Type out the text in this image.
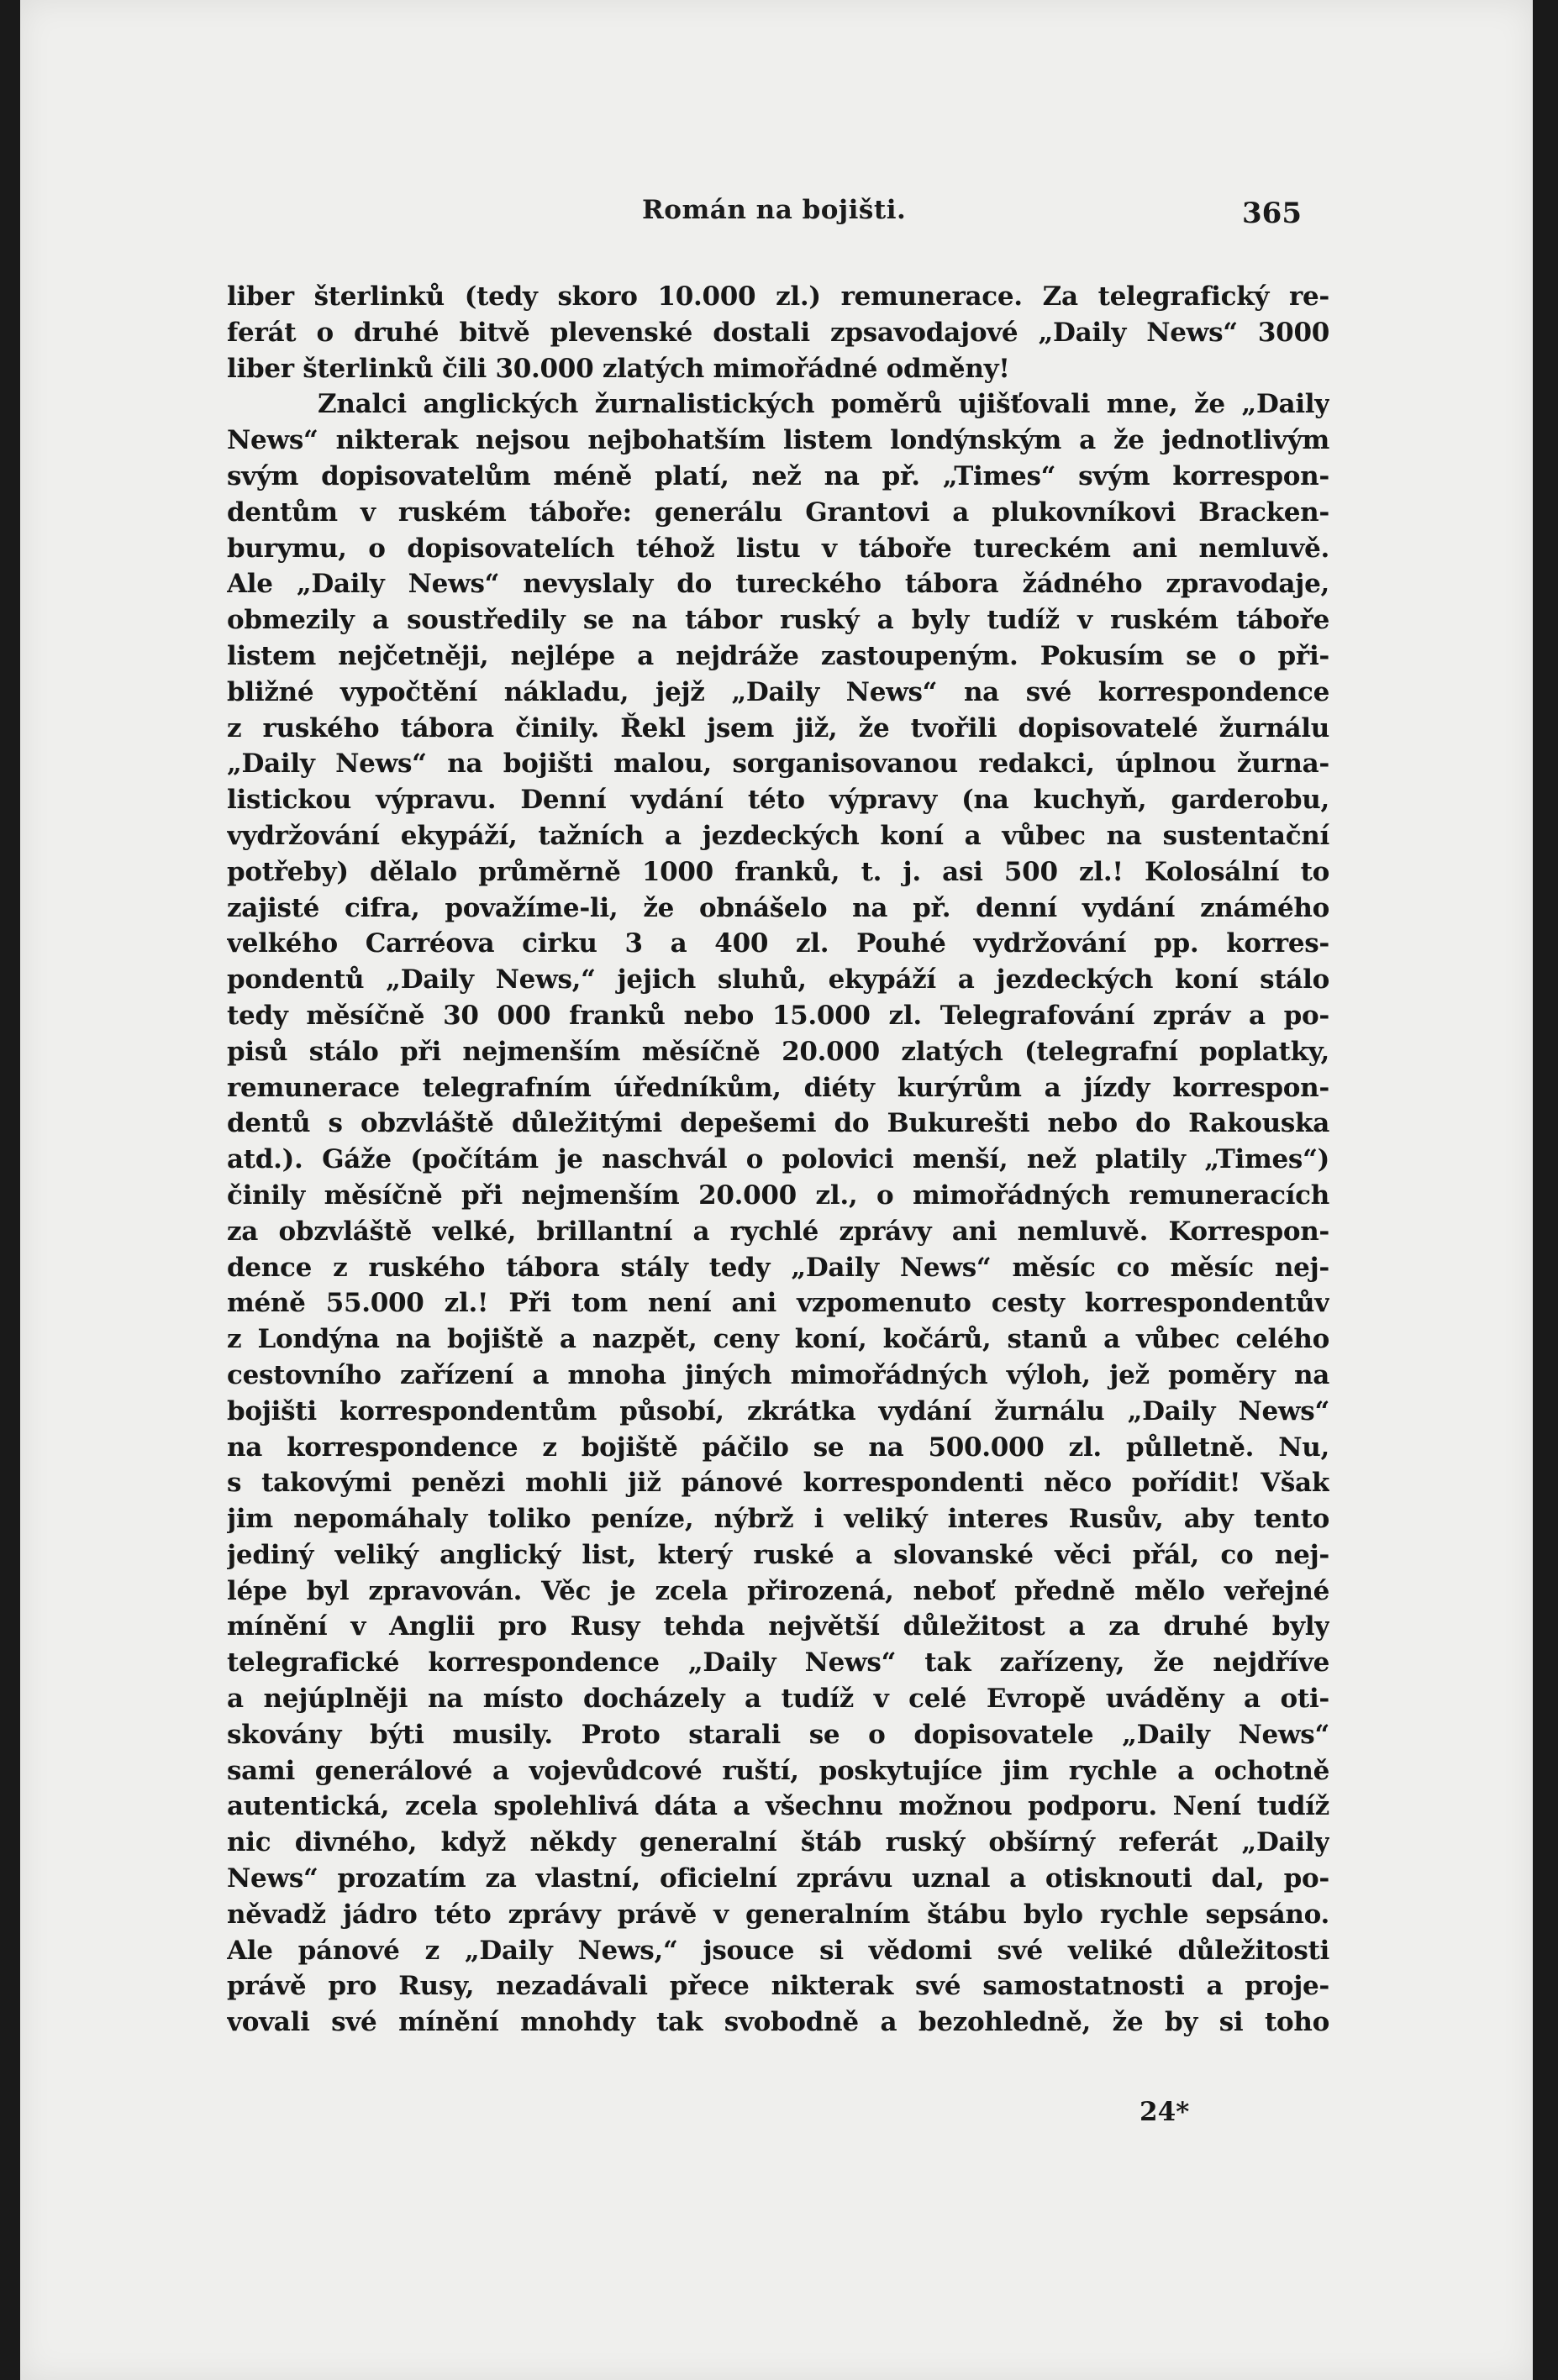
Román na bojišti.	365
liber šterlinků (tedy skoro 10.000 zl.) remunerace. Za telegrafický re-
ferát o druhé bitvě plevenské dostali zpsavodajové „Daily News“ 3000
liber šterlinků čili 30.000 zlatých mimořádné odměny!
Znalci anglických žurnalistických poměrů ujišťovali mne, že „Daily
News“ nikterak nejsou nejbohatším listem londýnským a že jednotlivým
svým dopisovatelům méně platí, než na př. „Times“ svým korrespon-
dentům v ruském táboře: generálu Grantovi a plukovníkovi Bracken-
burymu, o dopisovatelích téhož listu v táboře tureckém ani nemluvě.
Ale „Daily News“ nevyslaly do tureckého tábora žádného zpravodaje,
obmezily a soustředily se na tábor ruský a byly tudíž v ruském táboře
listem nejčetněji, nejlépe a nejdráže zastoupeným. Pokusím se o při-
bližné vypočtění nákladu, jejž „Daily News“ na své korrespondence
z ruského tábora činily. Řekl jsem již, že tvořili dopisovatelé žurnálu
„Daily News“ na bojišti malou, sorganisovanou redakci, úplnou žurna-
listickou výpravu. Denní vydání této výpravy (na kuchyň, garderobu,
vydržování ekypáží, tažních a jezdeckých koní a vůbec na sustentační
potřeby) dělalo průměrně 1000 franků, t. j. asi 500 zl.! Kolosální to
zajisté cifra, považíme-li, že obnášelo na př. denní vydání známého
velkého Carréova cirku 3 a 400 zl. Pouhé vydržování pp. korres-
pondentů „Daily News,“ jejich sluhů, ekypáží a jezdeckých koní stálo
tedy měsíčně 30 000 franků nebo 15.000 zl. Telegrafování zpráv a po-
pisů stálo při nejmenším měsíčně 20.000 zlatých (telegrafní poplatky,
remunerace telegrafním úředníkům, diéty kurýrům a jízdy korrespon-
dentů s obzvláště důležitými depešemi do Bukurešti nebo do Rakouska
atd.). Gáže (počítám je naschvál o polovici menší, než platily „Times“)
činily měsíčně při nejmenším 20.000 zl., o mimořádných remuneracích
za obzvláště velké, brillantní a rychlé zprávy ani nemluvě. Korrespon-
dence z ruského tábora stály tedy „Daily News“ měsíc co měsíc nej-
méně 55.000 zl.! Při tom není ani vzpomenuto cesty korrespondentův
z Londýna na bojiště a nazpět, ceny koní, kočárů, stanů a vůbec celého
cestovního zařízení a mnoha jiných mimořádných výloh, jež poměry na
bojišti korrespondentům působí, zkrátka vydání žurnálu „Daily News“
na korrespondence z bojiště páčilo se na 500.000 zl. půlletně. Nu,
s takovými penězi mohli již pánové korrespondenti něco pořídit! Však
jim nepomáhaly toliko peníze, nýbrž i veliký interes Rusův, aby tento
jediný veliký anglický list, který ruské a slovanské věci přál, co nej-
lépe byl zpravován. Věc je zcela přirozená, neboť předně mělo veřejné
mínění v Anglii pro Rusy tehda největší důležitost a za druhé byly
telegrafické korrespondence „Daily News“ tak zařízeny, že nejdříve
a nejúplněji na místo docházely a tudíž v celé Evropě uváděny a oti-
skovány býti musily. Proto starali se o dopisovatele „Daily News“
sami generálové a vojevůdcové ruští, poskytujíce jim rychle a ochotně
autentická, zcela spolehlivá dáta a všechnu možnou podporu. Není tudíž
nic divného, když někdy generalní štáb ruský obšírný referát „Daily
News“ prozatím za vlastní, oficielní zprávu uznal a otisknouti dal, po-
něvadž jádro této zprávy právě v generalním štábu bylo rychle sepsáno.
Ale pánové z „Daily News,“ jsouce si vědomi své veliké důležitosti
právě pro Rusy, nezadávali přece nikterak své samostatnosti a proje-
vovali své mínění mnohdy tak svobodně a bezohledně, že by si toho
24*
